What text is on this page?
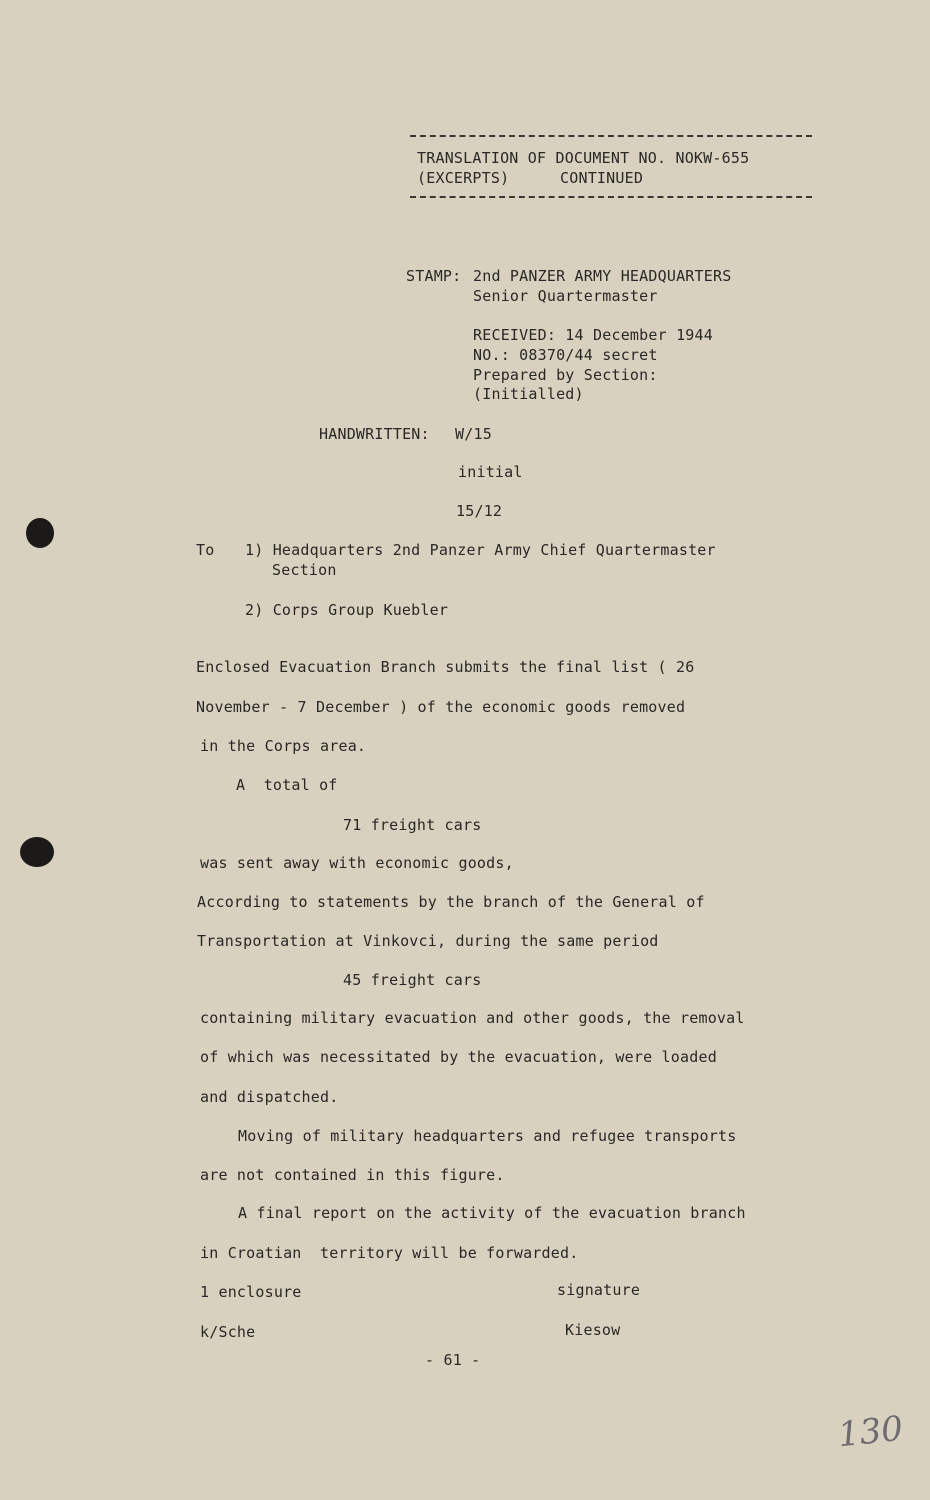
TRANSLATION OF DOCUMENT NO. NOKW-655
(EXCERPTS)	CONTINUED
STAMP: 2nd PANZER ARMY HEADQUARTERS
Senior Quartermaster
RECEIVED: 14 December 1944
NO.: 08370/44 secret
Prepared by Section:
(Initialled)
HANDWRITTEN: W/15
initial
15/12
To 1) Headquarters 2nd Panzer Army Chief Quartermaster
Section
2) Corps Group Kuebler
Enclosed Evacuation Branch submits the final list ( 26
November - 7 December ) of the economic goods removed
in the Corps area.
A  total of
71 freight cars
was sent away with economic goods,
According to statements by the branch of the General of
Transportation at Vinkovci, during the same period
45 freight cars
containing military evacuation and other goods, the removal
of which was necessitated by the evacuation, were loaded
and dispatched.
Moving of military headquarters and refugee transports
are not contained in this figure.
A final report on the activity of the evacuation branch
in Croatian  territory will be forwarded.
1 enclosure	signature
k/Sche	Kiesow
- 61 -
130
